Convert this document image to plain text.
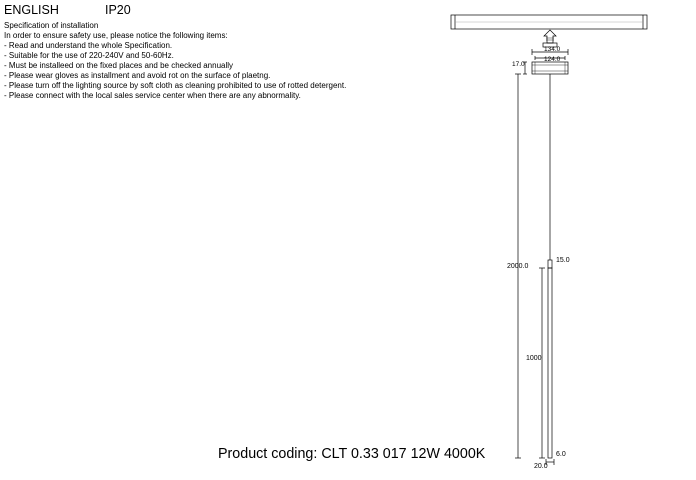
ENGLISH	IP20
Specification of installation
In order to ensure safety use, please notice the following items:
- Read and understand the whole Specification.
- Suitable for the use of 220-240V and 50-60Hz.
- Must be installeed on the fixed places and be checked annually
- Please wear gloves as installment and avoid rot on the surface of plaetng.
- Please turn off the lighting source by soft cloth as cleaning prohibited to use of rotted detergent.
- Please connect with the local sales service center when there are any abnormality.
134.0
124.0
17.0
2000.0
1000
15.0
6.0
20.0
Product coding: CLT 0.33 017 12W 4000K
